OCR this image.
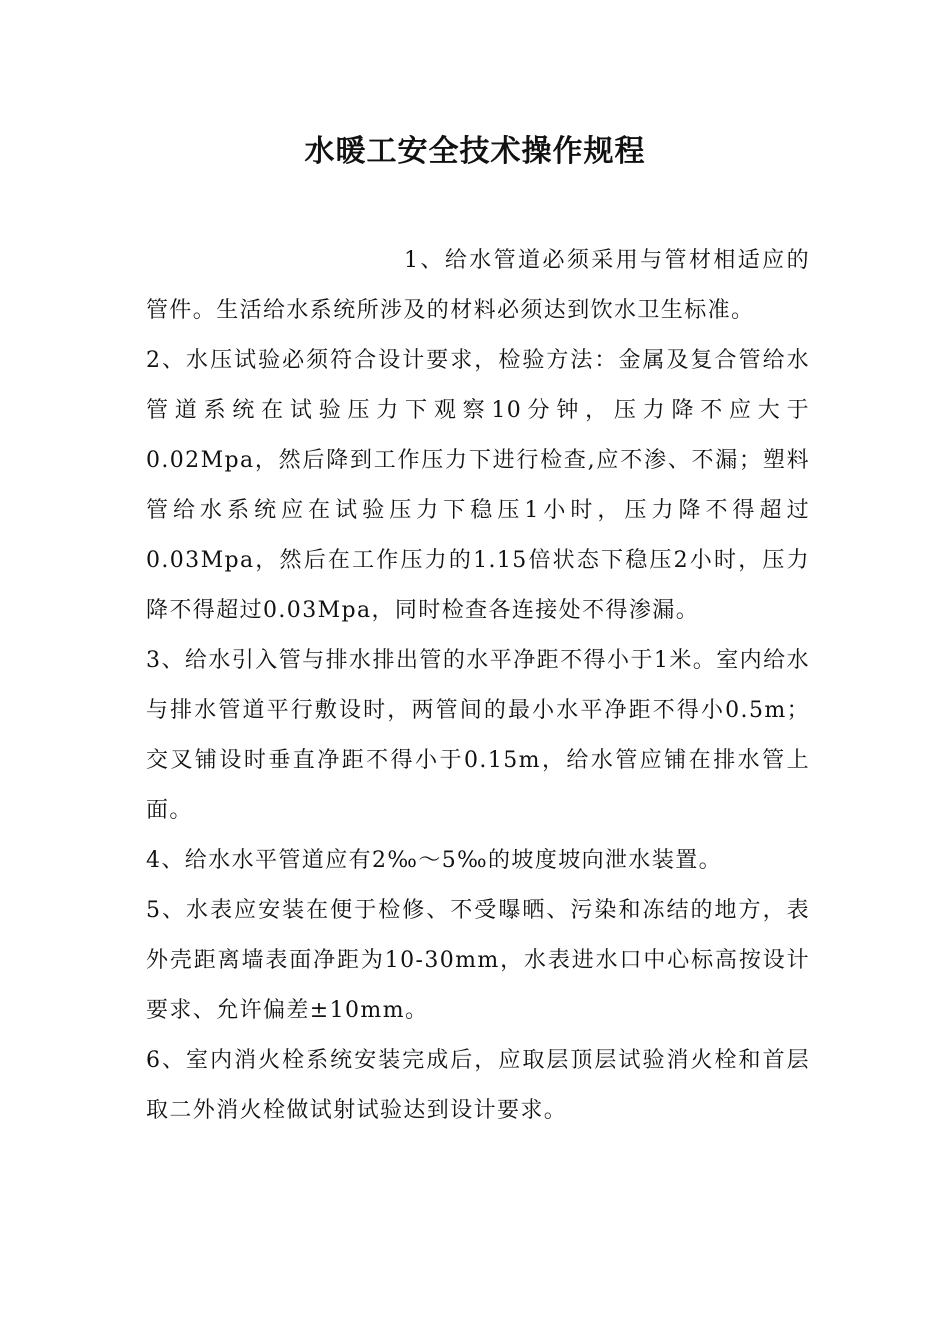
水暖工安全技术操作规程

1、给水管道必须采用与管材相适应的管件。生活给水系统所涉及的材料必须达到饮水卫生标准。

2、水压试验必须符合设计要求，检验方法：金属及复合管给水管道系统在试验压力下观察10分钟，压力降不应大于0.02Mpa，然后降到工作压力下进行检查,应不渗、不漏；塑料管给水系统应在试验压力下稳压1小时，压力降不得超过0.03Mpa，然后在工作压力的1.15倍状态下稳压2小时，压力降不得超过0.03Mpa，同时检查各连接处不得渗漏。

3、给水引入管与排水排出管的水平净距不得小于1米。室内给水与排水管道平行敷设时，两管间的最小水平净距不得小0.5m；交叉铺设时垂直净距不得小于0.15m，给水管应铺在排水管上面。

4、给水水平管道应有2‰～5‰的坡度坡向泄水装置。

5、水表应安装在便于检修、不受曝晒、污染和冻结的地方，表外壳距离墙表面净距为10-30mm，水表进水口中心标高按设计要求、允许偏差±10mm。

6、室内消火栓系统安装完成后，应取层顶层试验消火栓和首层取二外消火栓做试射试验达到设计要求。
